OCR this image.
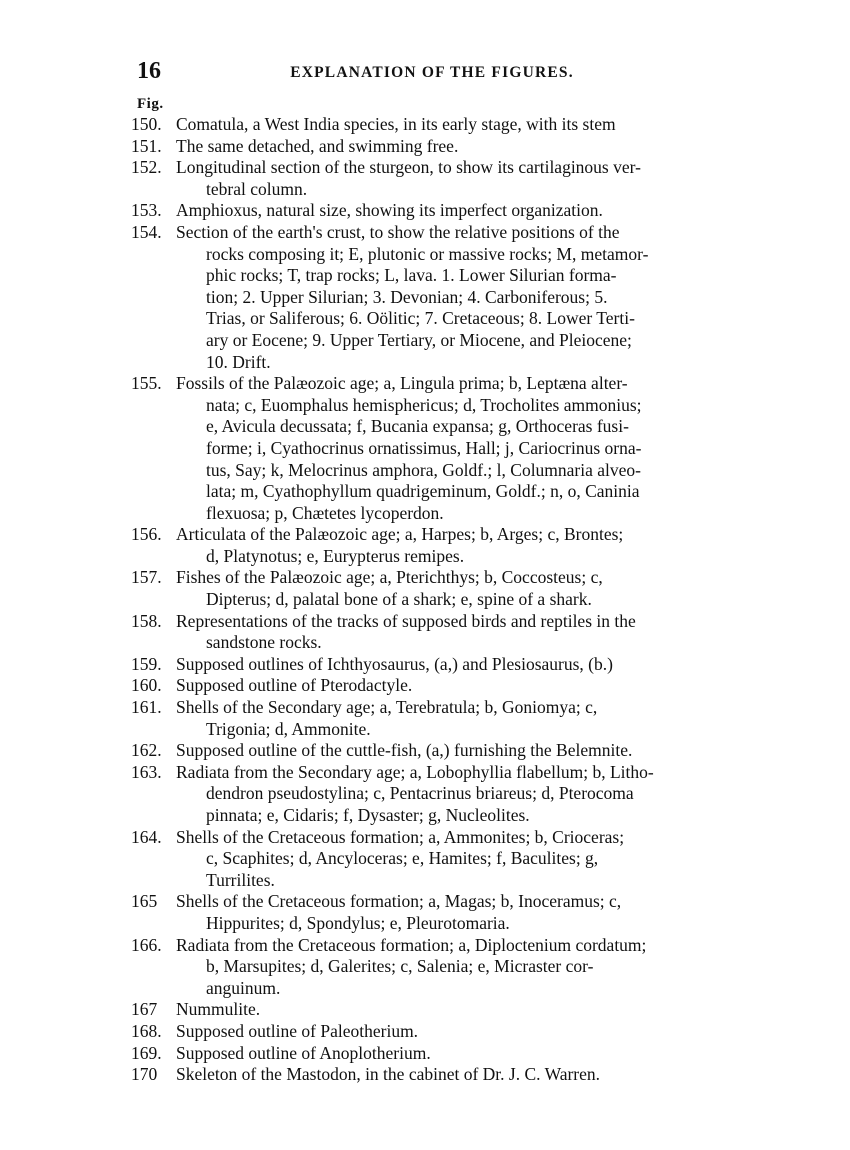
16	EXPLANATION OF THE FIGURES.
Fig.
150. Comatula, a West India species, in its early stage, with its stem
151. The same detached, and swimming free.
152. Longitudinal section of the sturgeon, to show its cartilaginous ver-
tebral column.
153. Amphioxus, natural size, showing its imperfect organization.
154. Section of the earth's crust, to show the relative positions of the
rocks composing it; E, plutonic or massive rocks; M, metamor-
phic rocks; T, trap rocks; L, lava. 1. Lower Silurian forma-
tion; 2. Upper Silurian; 3. Devonian; 4. Carboniferous; 5.
Trias, or Saliferous; 6. Oölitic; 7. Cretaceous; 8. Lower Terti-
ary or Eocene; 9. Upper Tertiary, or Miocene, and Pleiocene;
10. Drift.
155. Fossils of the Palæozoic age; a, Lingula prima; b, Leptæna alter-
nata; c, Euomphalus hemisphericus; d, Trocholites ammonius;
e, Avicula decussata; f, Bucania expansa; g, Orthoceras fusi-
forme; i, Cyathocrinus ornatissimus, Hall; j, Cariocrinus orna-
tus, Say; k, Melocrinus amphora, Goldf.; l, Columnaria alveo-
lata; m, Cyathophyllum quadrigeminum, Goldf.; n, o, Caninia
flexuosa; p, Chætetes lycoperdon.
156. Articulata of the Palæozoic age; a, Harpes; b, Arges; c, Brontes;
d, Platynotus; e, Eurypterus remipes.
157. Fishes of the Palæozoic age; a, Pterichthys; b, Coccosteus; c,
Dipterus; d, palatal bone of a shark; e, spine of a shark.
158. Representations of the tracks of supposed birds and reptiles in the
sandstone rocks.
159. Supposed outlines of Ichthyosaurus, (a,) and Plesiosaurus, (b.)
160. Supposed outline of Pterodactyle.
161. Shells of the Secondary age; a, Terebratula; b, Goniomya; c,
Trigonia; d, Ammonite.
162. Supposed outline of the cuttle-fish, (a,) furnishing the Belemnite.
163. Radiata from the Secondary age; a, Lobophyllia flabellum; b, Litho-
dendron pseudostylina; c, Pentacrinus briareus; d, Pterocoma
pinnata; e, Cidaris; f, Dysaster; g, Nucleolites.
164. Shells of the Cretaceous formation; a, Ammonites; b, Crioceras;
c, Scaphites; d, Ancyloceras; e, Hamites; f, Baculites; g,
Turrilites.
165	Shells of the Cretaceous formation; a, Magas; b, Inoceramus; c,
Hippurites; d, Spondylus; e, Pleurotomaria.
166. Radiata from the Cretaceous formation; a, Diploctenium cordatum;
b, Marsupites; d, Galerites; c, Salenia; e, Micraster cor-
anguinum.
167	Nummulite.
168. Supposed outline of Paleotherium.
169. Supposed outline of Anoplotherium.
170	Skeleton of the Mastodon, in the cabinet of Dr. J. C. Warren.
